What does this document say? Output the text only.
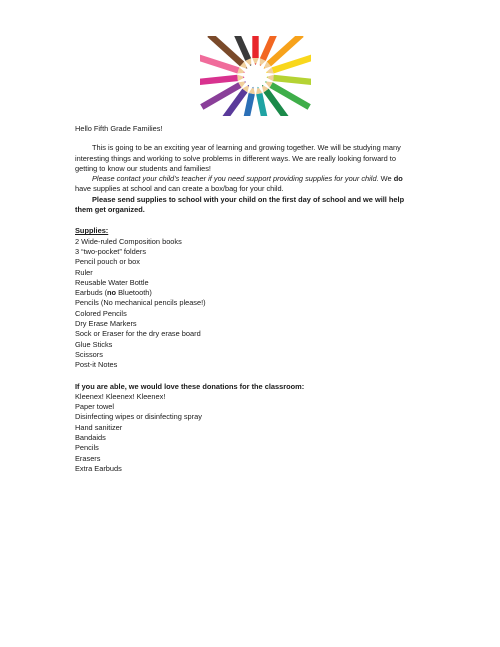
Hello Fifth Grade Families!

This is going to be an exciting year of learning and growing together. We will be studying many interesting things and working to solve problems in different ways. We are really looking forward to getting to know our students and families!

Please contact your child’s teacher if you need support providing supplies for your child. We do have supplies at school and can create a box/bag for your child.

Please send supplies to school with your child on the first day of school and we will help them get organized.

Supplies:

2 Wide-ruled Composition books
3 “two-pocket” folders
Pencil pouch or box
Ruler
Reusable Water Bottle
Earbuds (no Bluetooth)
Pencils (No mechanical pencils please!)
Colored Pencils
Dry Erase Markers
Sock or Eraser for the dry erase board
Glue Sticks
Scissors
Post-it Notes

If you are able, we would love these donations for the classroom:

Kleenex! Kleenex! Kleenex!
Paper towel
Disinfecting wipes or disinfecting spray
Hand sanitizer
Bandaids
Pencils
Erasers
Extra Earbuds
